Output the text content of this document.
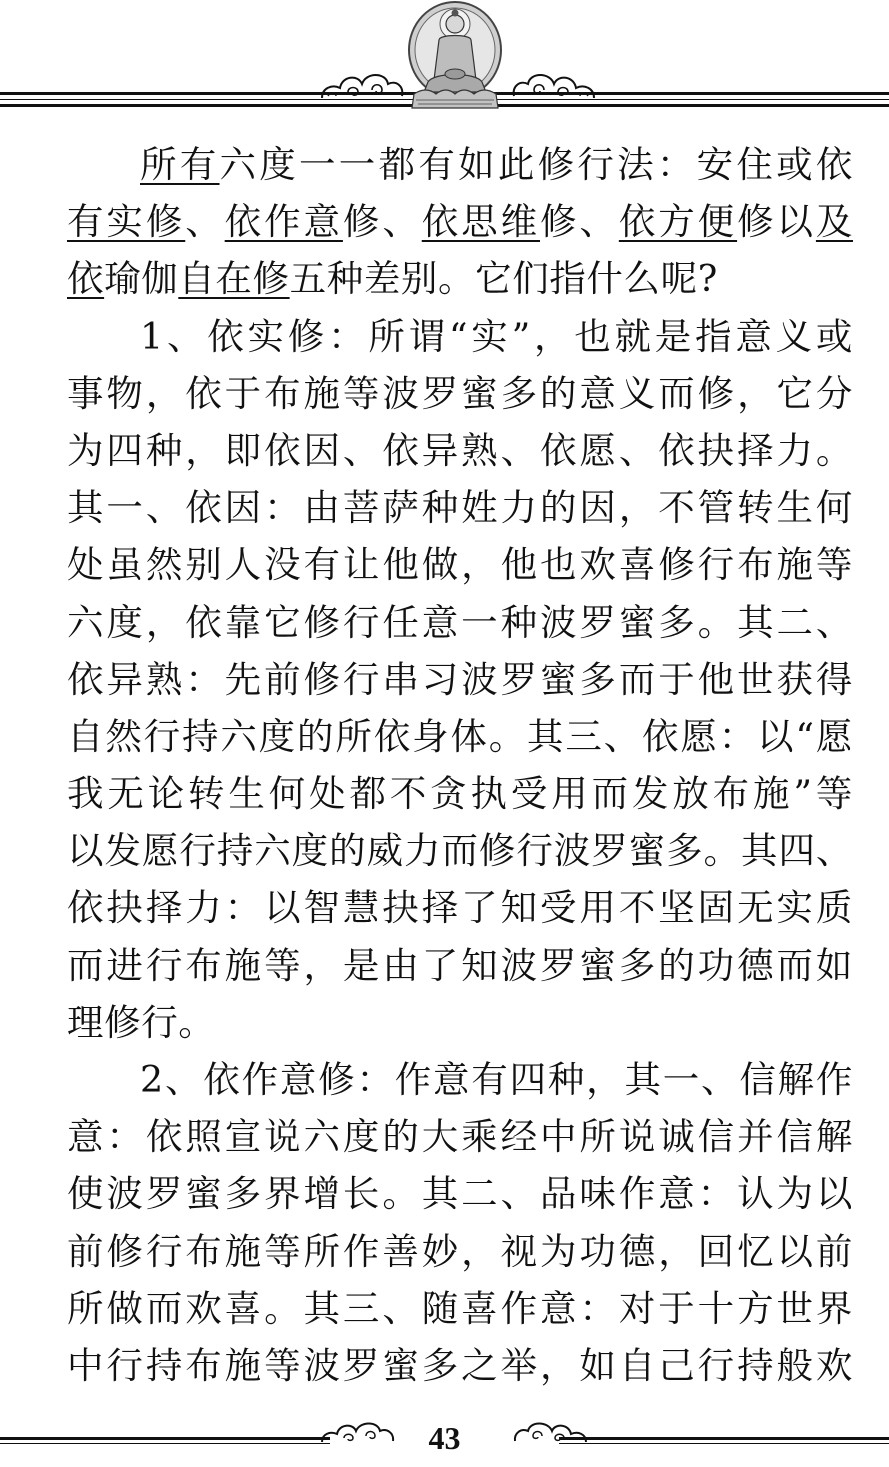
所有六度一一都有如此修行法：安住或依
有实修、依作意修、依思维修、依方便修以及
依瑜伽自在修五种差别。它们指什么呢?
1、依实修：所谓“实”，也就是指意义或
事物，依于布施等波罗蜜多的意义而修，它分
为四种，即依因、依异熟、依愿、依抉择力。
其一、依因：由菩萨种姓力的因，不管转生何
处虽然别人没有让他做，他也欢喜修行布施等
六度，依靠它修行任意一种波罗蜜多。其二、
依异熟：先前修行串习波罗蜜多而于他世获得
自然行持六度的所依身体。其三、依愿：以“愿
我无论转生何处都不贪执受用而发放布施”等
以发愿行持六度的威力而修行波罗蜜多。其四、
依抉择力：以智慧抉择了知受用不坚固无实质
而进行布施等，是由了知波罗蜜多的功德而如
理修行。
2、依作意修：作意有四种，其一、信解作
意：依照宣说六度的大乘经中所说诚信并信解
使波罗蜜多界增长。其二、品味作意：认为以
前修行布施等所作善妙，视为功德，回忆以前
所做而欢喜。其三、随喜作意：对于十方世界
中行持布施等波罗蜜多之举，如自己行持般欢
43
